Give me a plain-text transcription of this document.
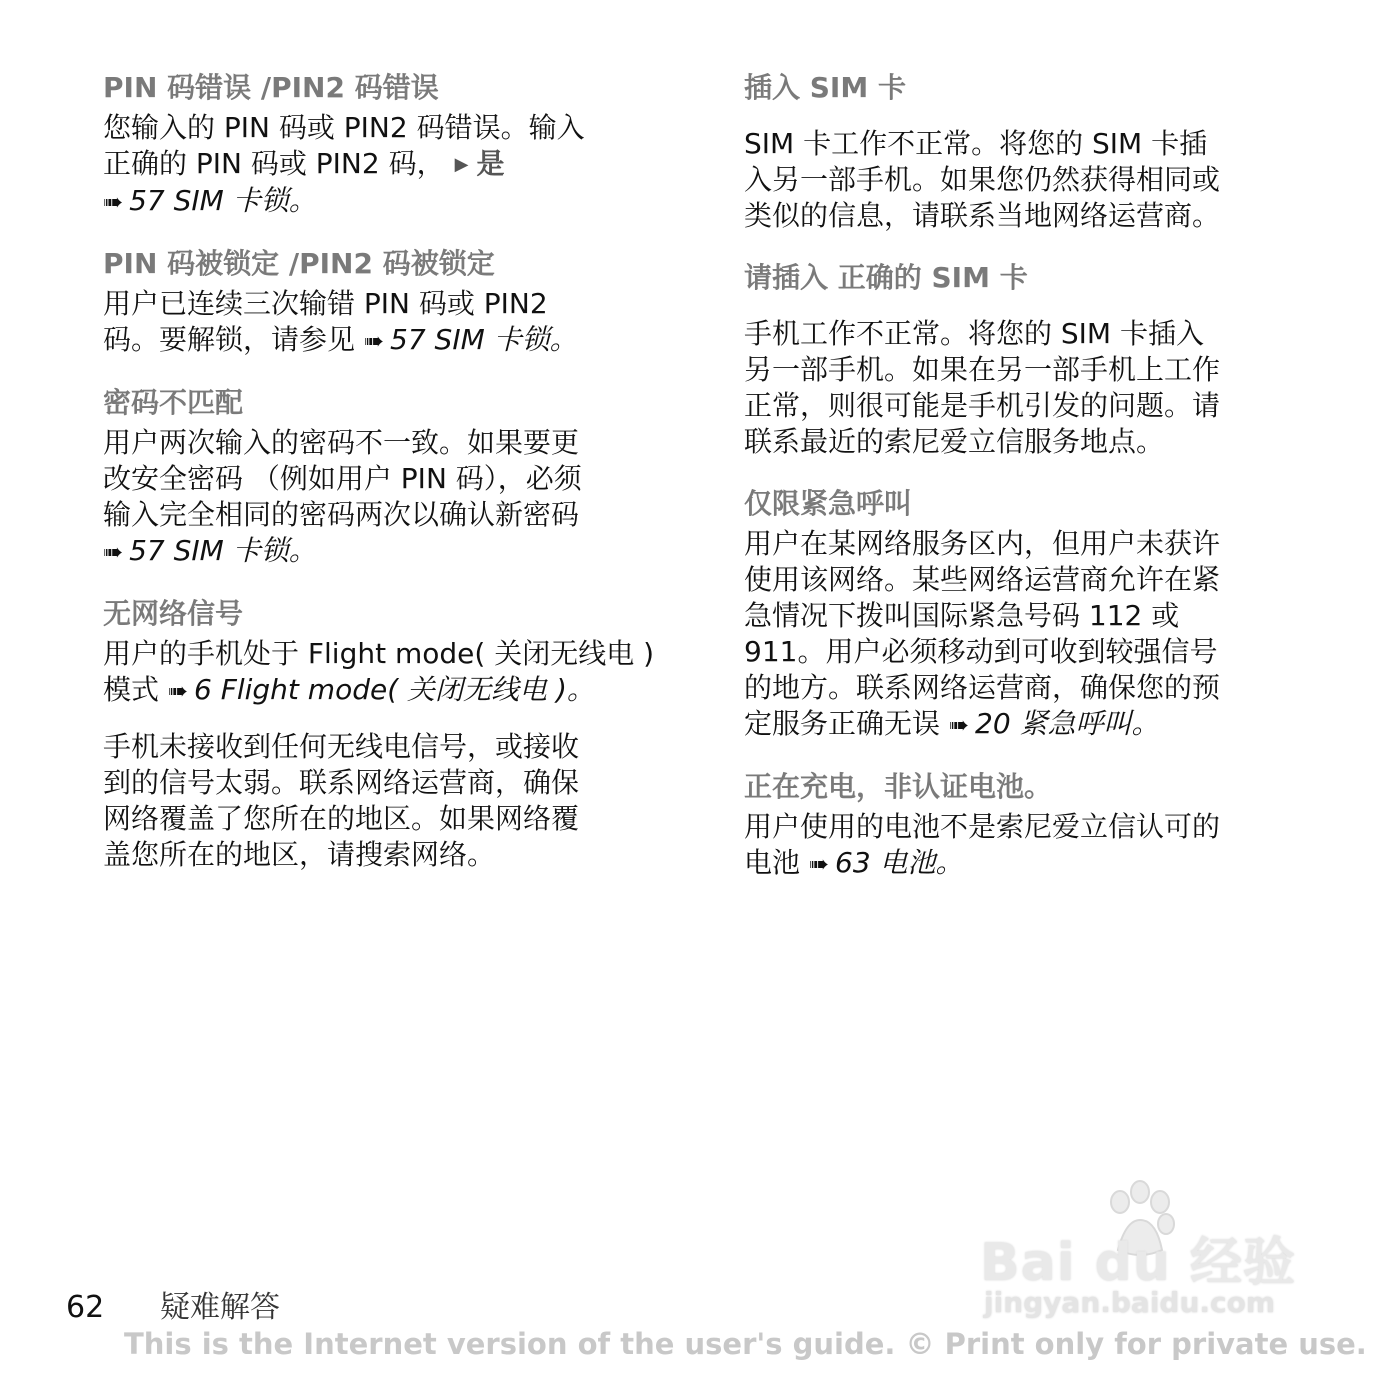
PIN 码错误 /PIN2 码错误

您输入的 PIN 码或 PIN2 码错误。输入
正确的 PIN 码或 PIN2 码， ▶ 是
➠ 57 SIM 卡锁。

PIN 码被锁定 /PIN2 码被锁定

用户已连续三次输错 PIN 码或 PIN2
码。要解锁，请参见 ➠ 57 SIM 卡锁。

密码不匹配

用户两次输入的密码不一致。如果要更
改安全密码 （例如用户 PIN 码），必须
输入完全相同的密码两次以确认新密码
➠ 57 SIM 卡锁。

无网络信号

用户的手机处于 Flight mode( 关闭无线电 )
模式 ➠ 6 Flight mode( 关闭无线电 )。

手机未接收到任何无线电信号，或接收
到的信号太弱。联系网络运营商，确保
网络覆盖了您所在的地区。如果网络覆
盖您所在的地区，请搜索网络。

插入 SIM 卡

SIM 卡工作不正常。将您的 SIM 卡插
入另一部手机。如果您仍然获得相同或
类似的信息，请联系当地网络运营商。

请插入 正确的 SIM 卡

手机工作不正常。将您的 SIM 卡插入
另一部手机。如果在另一部手机上工作
正常，则很可能是手机引发的问题。请
联系最近的索尼爱立信服务地点。

仅限紧急呼叫

用户在某网络服务区内，但用户未获许
使用该网络。某些网络运营商允许在紧
急情况下拨叫国际紧急号码 112 或
911。用户必须移动到可收到较强信号
的地方。联系网络运营商，确保您的预
定服务正确无误 ➠ 20 紧急呼叫。

正在充电，非认证电池。

用户使用的电池不是索尼爱立信认可的
电池 ➠ 63 电池。

Bai du 经验
jingyan.baidu.com
62 疑难解答
This is the Internet version of the user's guide. © Print only for private use.
